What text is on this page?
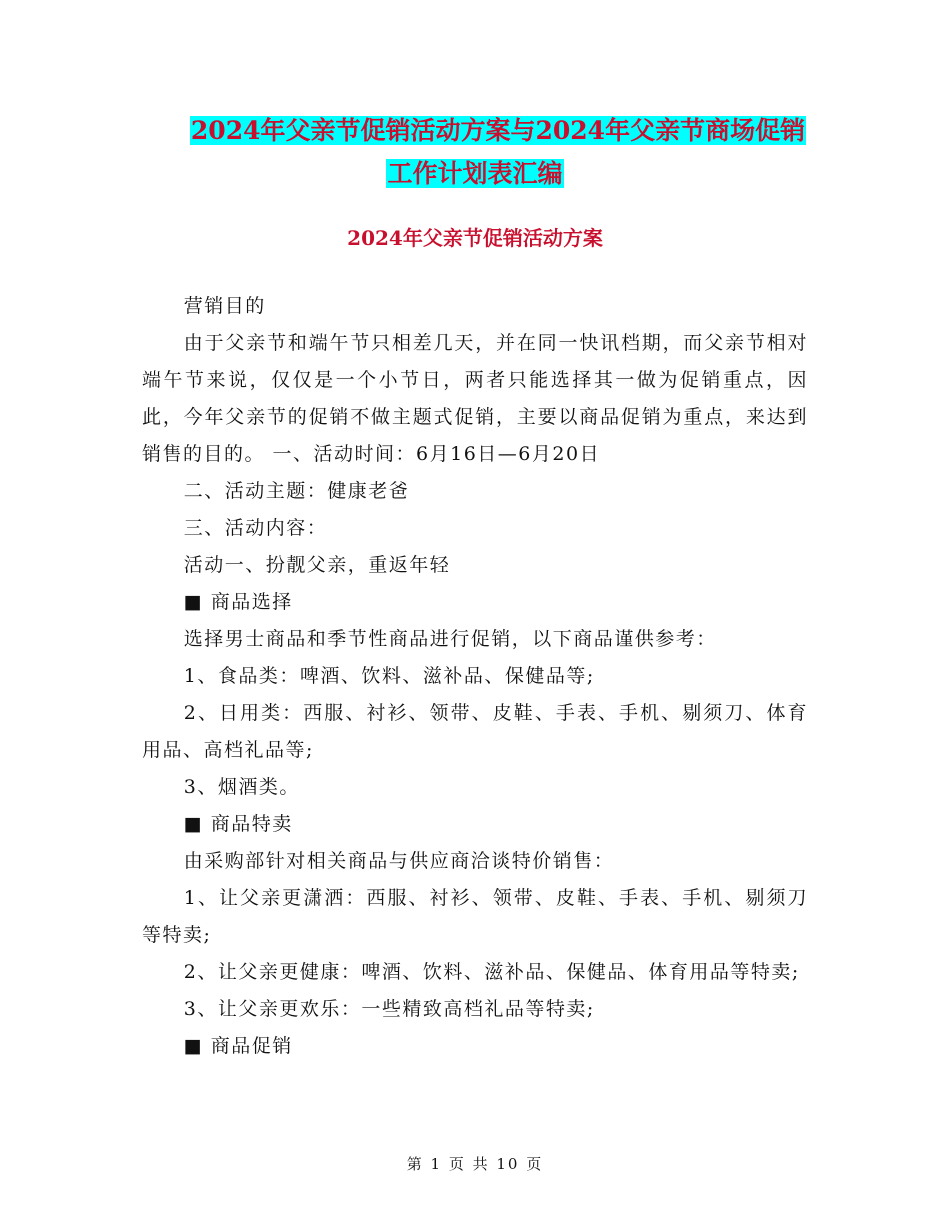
2024年父亲节促销活动方案与2024年父亲节商场促销
工作计划表汇编
2024年父亲节促销活动方案

营销目的

由于父亲节和端午节只相差几天，并在同一快讯档期，而父亲节相对端午节来说，仅仅是一个小节日，两者只能选择其一做为促销重点，因此，今年父亲节的促销不做主题式促销，主要以商品促销为重点，来达到销售的目的。 一、活动时间：6月16日—6月20日

二、活动主题：健康老爸

三、活动内容：

活动一、扮靓父亲，重返年轻

■ 商品选择

选择男士商品和季节性商品进行促销，以下商品谨供参考：

1、食品类：啤酒、饮料、滋补品、保健品等;

2、日用类：西服、衬衫、领带、皮鞋、手表、手机、剔须刀、体育用品、高档礼品等;

3、烟酒类。

■ 商品特卖

由采购部针对相关商品与供应商洽谈特价销售：

1、让父亲更潇洒：西服、衬衫、领带、皮鞋、手表、手机、剔须刀等特卖;

2、让父亲更健康：啤酒、饮料、滋补品、保健品、体育用品等特卖;

3、让父亲更欢乐：一些精致高档礼品等特卖;

■ 商品促销

第 1 页 共 10 页
